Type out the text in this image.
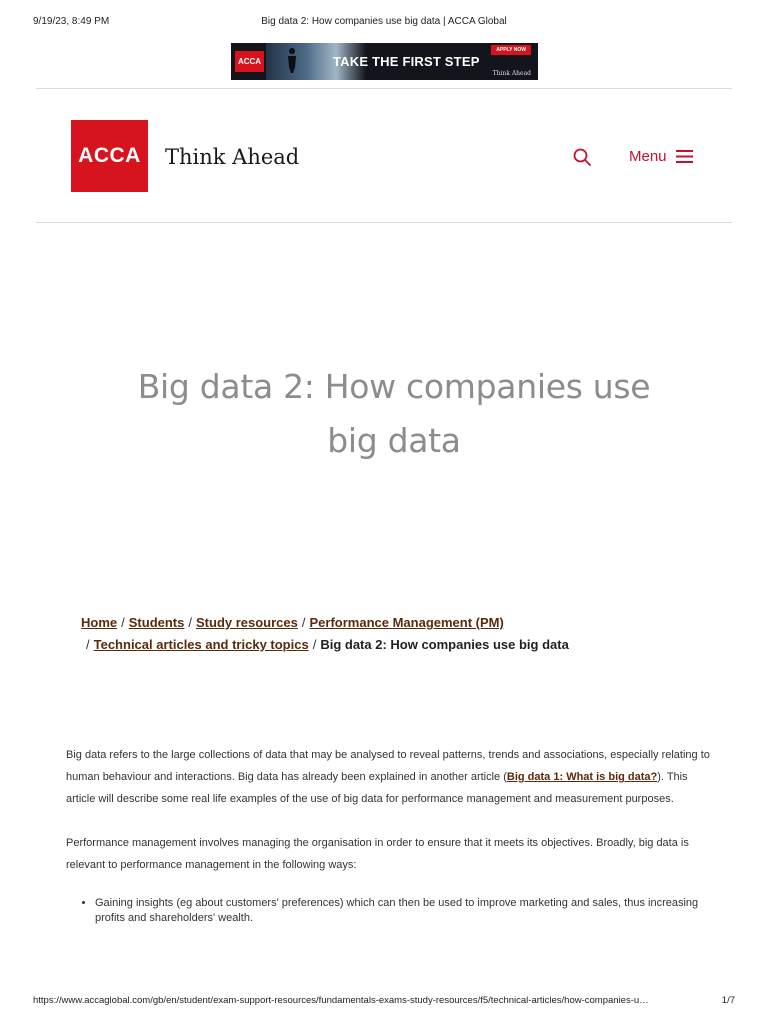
9/19/23, 8:49 PM	Big data 2: How companies use big data | ACCA Global
ACCA	TAKE THE FIRST STEP
APPLY NOW
Think Ahead
ACCA	Think Ahead	Menu
Big data 2: How companies use
big data
Home / Students / Study resources / Performance Management (PM)
/ Technical articles and tricky topics / Big data 2: How companies use big data

Big data refers to the large collections of data that may be analysed to reveal patterns, trends and associations, especially relating to human behaviour and interactions. Big data has already been explained in another article (Big data 1: What is big data?). This article will describe some real life examples of the use of big data for performance management and measurement purposes.

Performance management involves managing the organisation in order to ensure that it meets its objectives. Broadly, big data is relevant to performance management in the following ways:

• Gaining insights (eg about customers' preferences) which can then be used to improve marketing and sales, thus increasing profits and shareholders' wealth.
https://www.accaglobal.com/gb/en/student/exam-support-resources/fundamentals-exams-study-resources/f5/technical-articles/how-companies-u…	1/7
